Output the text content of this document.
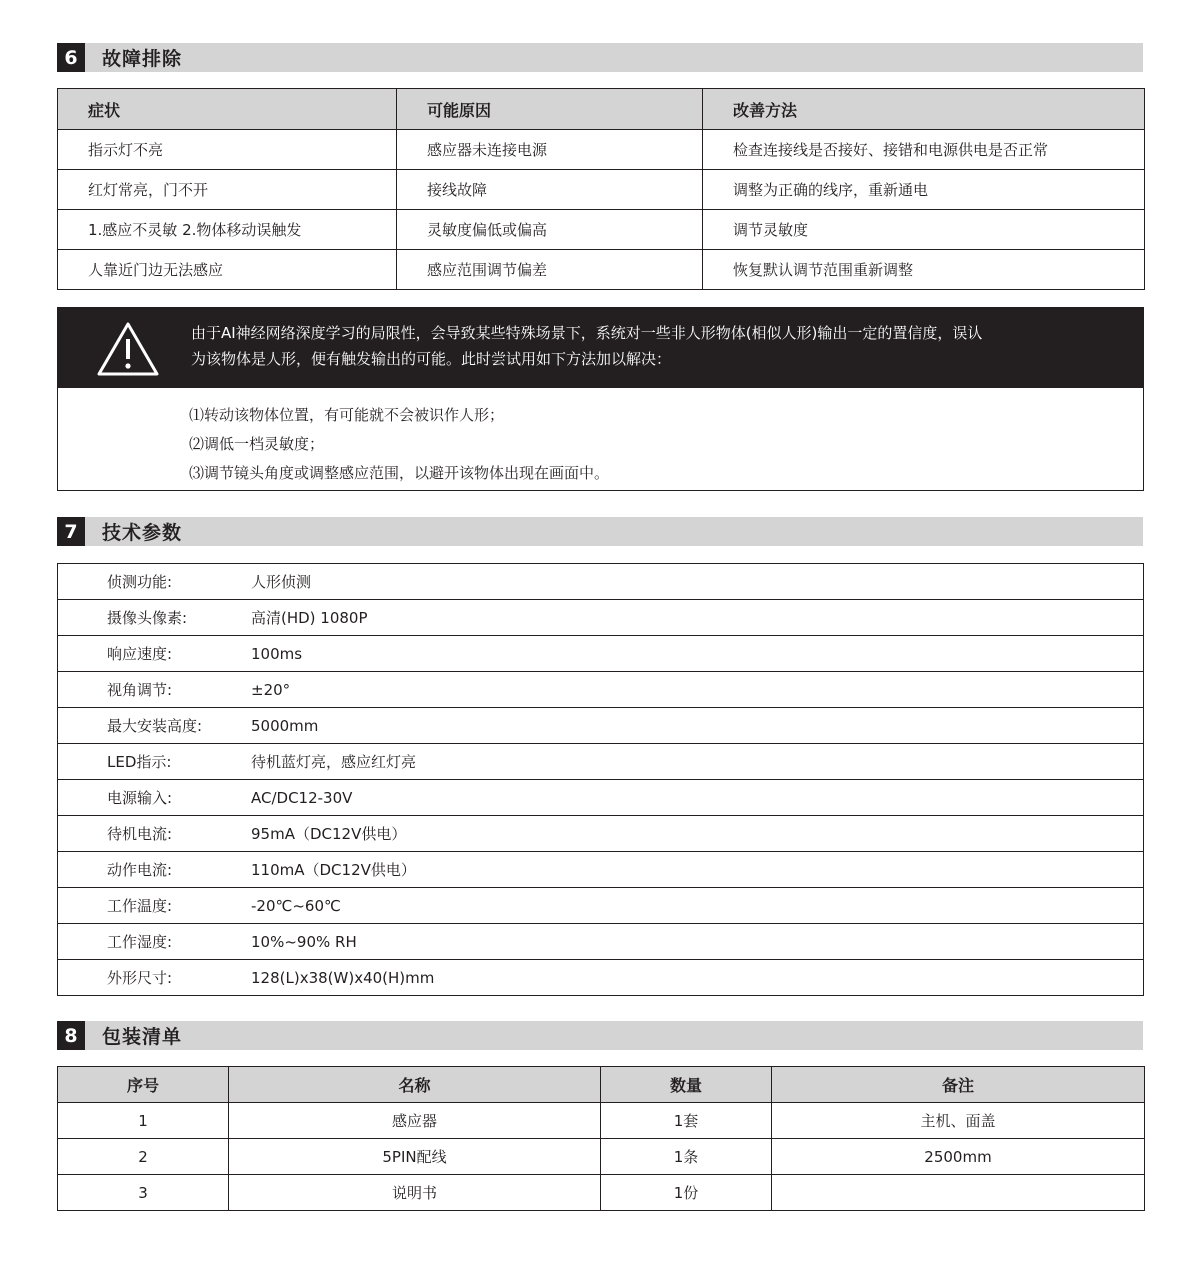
6	故障排除
症状	可能原因	改善方法
指示灯不亮	感应器未连接电源	检查连接线是否接好、接错和电源供电是否正常
红灯常亮，门不开	接线故障	调整为正确的线序，重新通电
1.感应不灵敏 2.物体移动误触发	灵敏度偏低或偏高	调节灵敏度
人靠近门边无法感应	感应范围调节偏差	恢复默认调节范围重新调整
由于AI神经网络深度学习的局限性，会导致某些特殊场景下，系统对一些非人形物体(相似人形)输出一定的置信度，误认
为该物体是人形，便有触发输出的可能。此时尝试用如下方法加以解决：
⑴转动该物体位置，有可能就不会被识作人形；
⑵调低一档灵敏度；
⑶调节镜头角度或调整感应范围，以避开该物体出现在画面中。
7	技术参数
侦测功能:	人形侦测
摄像头像素:	高清(HD) 1080P
响应速度:	100ms
视角调节:	±20°
最大安装高度:	5000mm
LED指示:	待机蓝灯亮，感应红灯亮
电源输入:	AC/DC12-30V
待机电流:	95mA（DC12V供电）
动作电流:	110mA（DC12V供电）
工作温度:	-20℃~60℃
工作湿度:	10%~90% RH
外形尺寸:	128(L)x38(W)x40(H)mm
8	包装清单
序号	名称	数量	备注
1	感应器	1套	主机、面盖
2	5PIN配线	1条	2500mm
3	说明书	1份	
